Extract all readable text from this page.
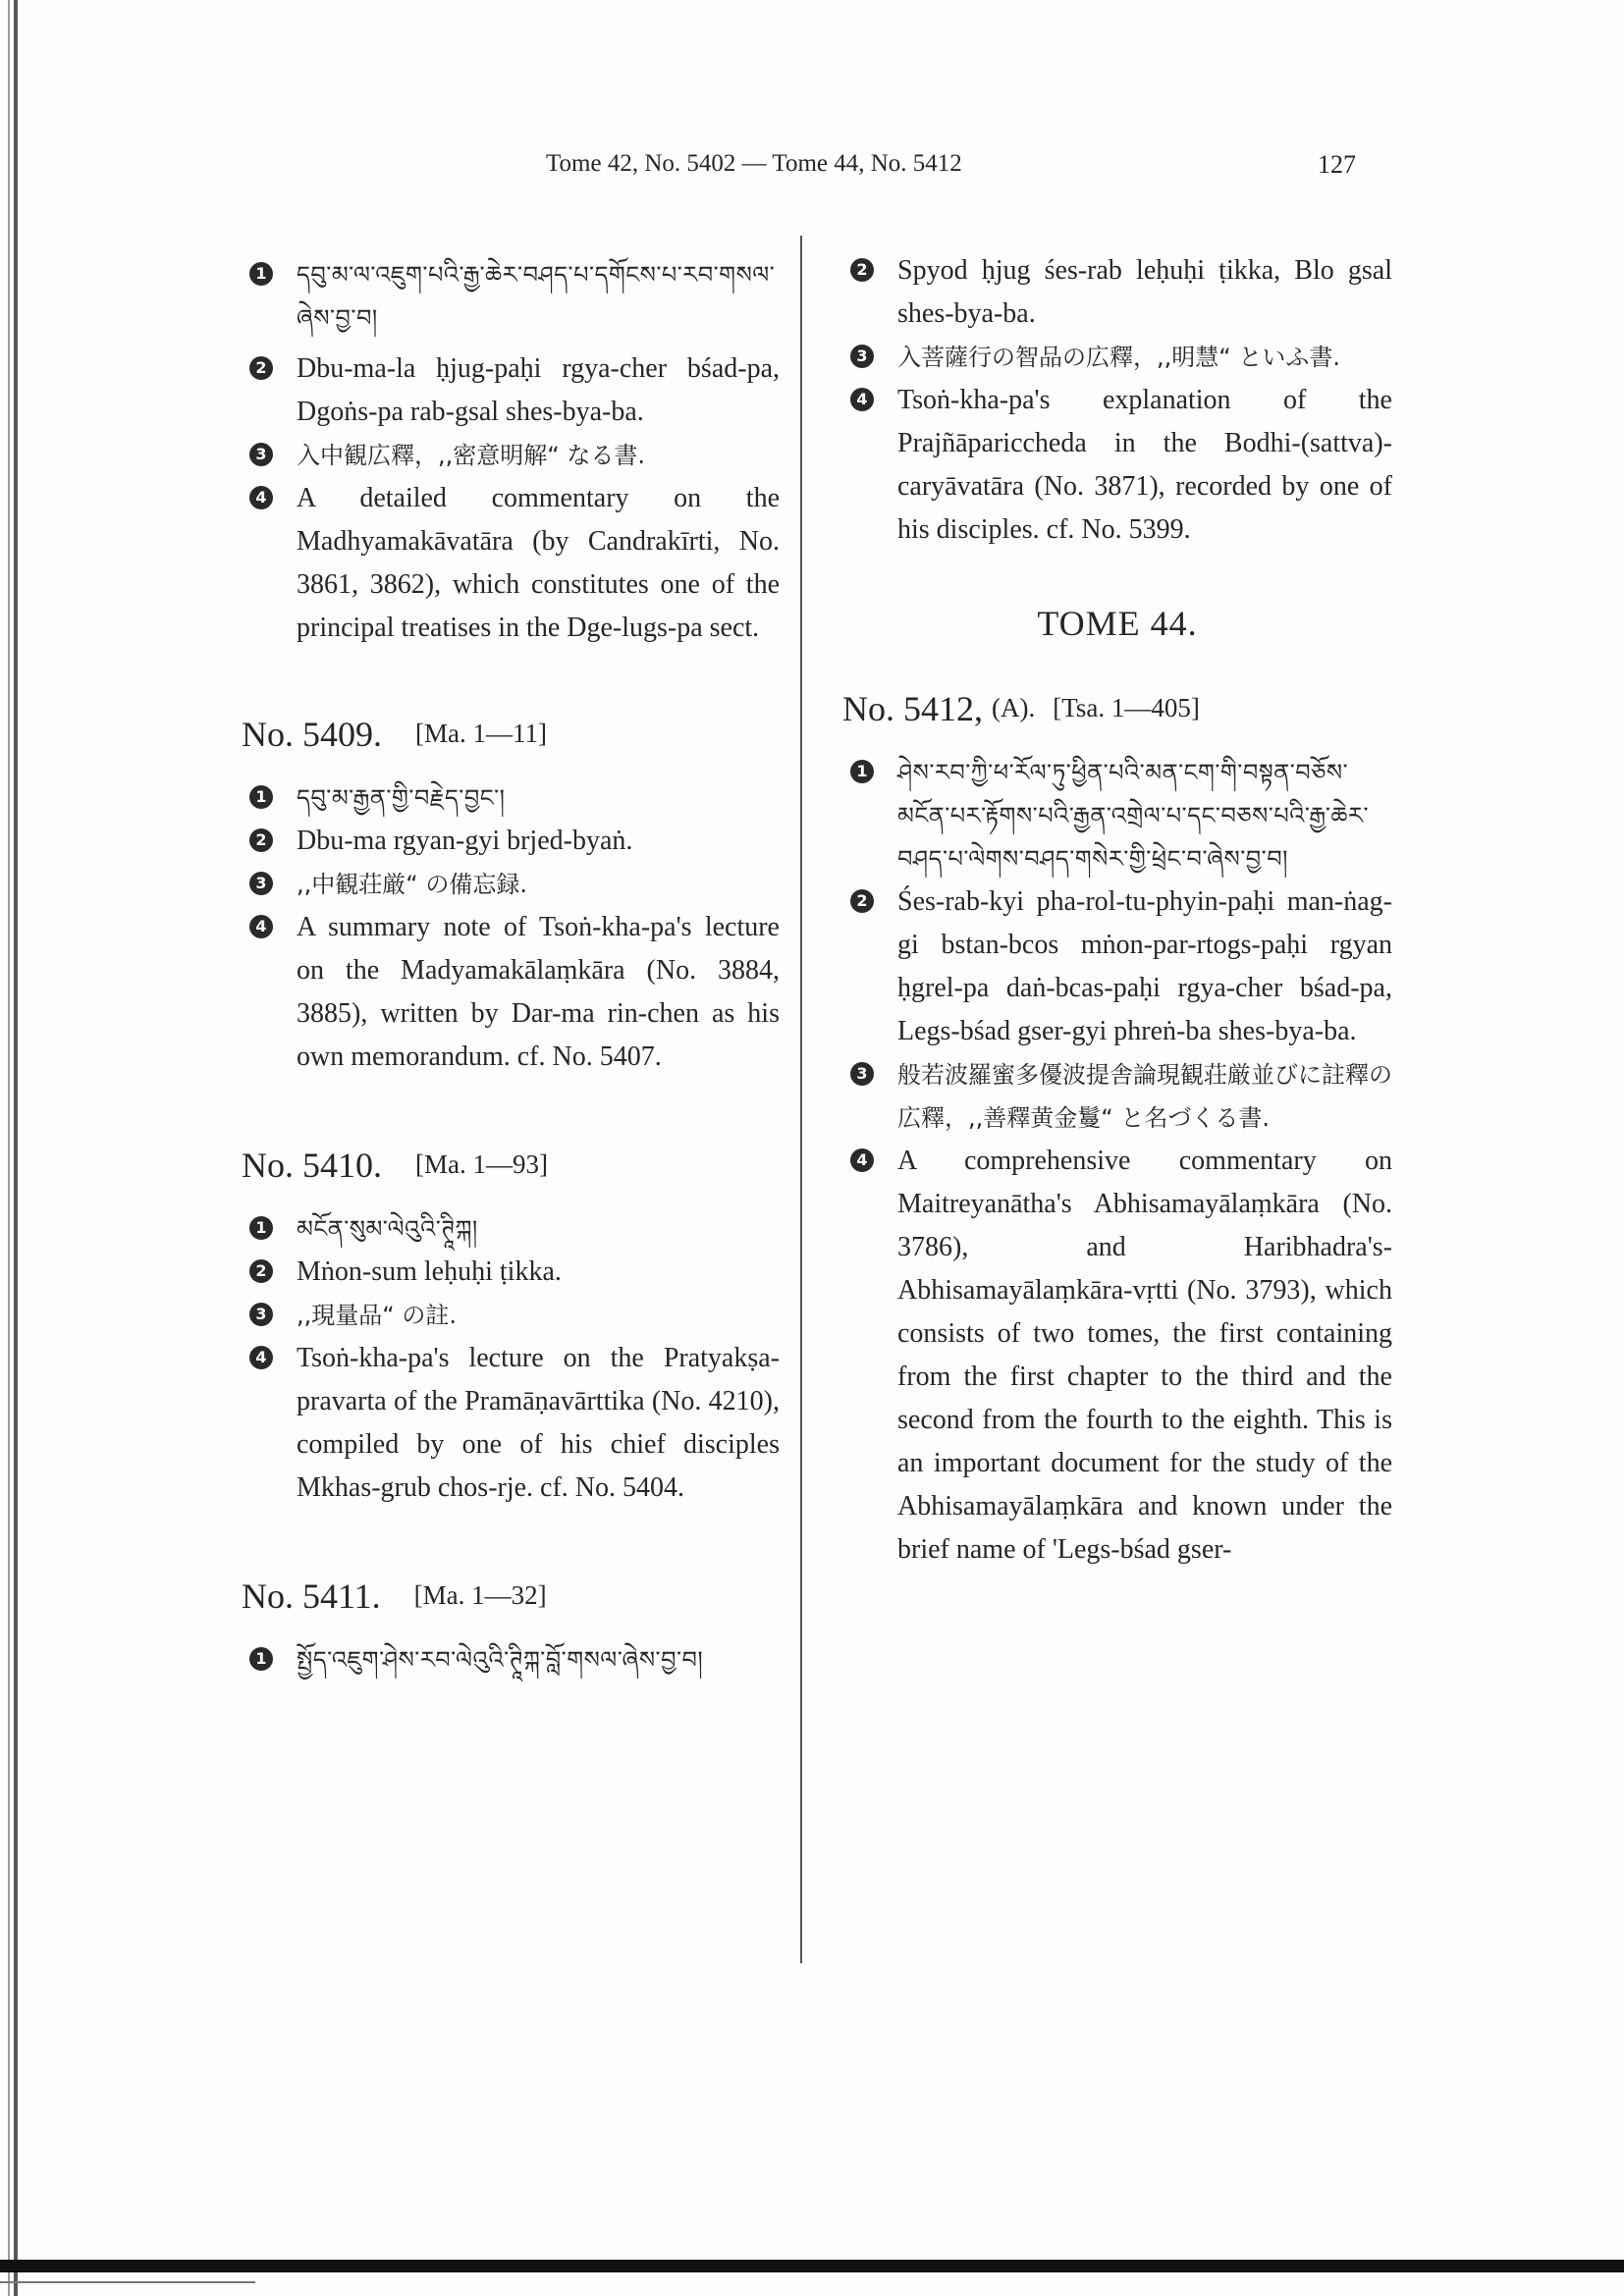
Tome 42, No. 5402 — Tome 44, No. 5412	127
1 དབུ་མ་ལ་འཇུག་པའི་རྒྱ་ཆེར་བཤད་པ་དགོངས་པ་རབ་གསལ་ཞེས་བྱ་བ།
2 Dbu-ma-la ḥjug-paḥi rgya-cher bśad-pa, Dgoṅs-pa rab-gsal shes-bya-ba.
3 入中観広釋，,,密意明解“ なる書.
4 A detailed commentary on the Madhyamakāvatāra (by Candrakīrti, No. 3861, 3862), which constitutes one of the principal treatises in the Dge-lugs-pa sect.
No. 5409. [Ma. 1—11]
1 དབུ་མ་རྒྱན་གྱི་བརྗེད་བྱང་།
2 Dbu-ma rgyan-gyi brjed-byaṅ.
3 ,,中観荘厳“ の備忘録.
4 A summary note of Tsoṅ-kha-pa's lecture on the Madyamakālaṃkāra (No. 3884, 3885), written by Dar-ma rin-chen as his own memorandum. cf. No. 5407.
No. 5410. [Ma. 1—93]
1 མངོན་སུམ་ལེའུའི་ཊཱིཀྐ།
2 Mṅon-sum leḥuḥi ṭikka.
3 ,,現量品“ の註.
4 Tsoṅ-kha-pa's lecture on the Pratyakṣa-pravarta of the Pramāṇavārttika (No. 4210), compiled by one of his chief disciples Mkhas-grub chos-rje. cf. No. 5404.
No. 5411. [Ma. 1—32]
1 སྤྱོད་འཇུག་ཤེས་རབ་ལེའུའི་ཊཱིཀྐ་བློ་གསལ་ཞེས་བྱ་བ།
2 Spyod ḥjug śes-rab leḥuḥi ṭikka, Blo gsal shes-bya-ba.
3 入菩薩行の智品の広釋，,,明慧“ といふ書.
4 Tsoṅ-kha-pa's explanation of the Prajñāpariccheda in the Bodhi-(sattva)-caryāvatāra (No. 3871), recorded by one of his disciples. cf. No. 5399.
TOME 44.
No. 5412, (A). [Tsa. 1—405]
1 ཤེས་རབ་ཀྱི་ཕ་རོལ་ཏུ་ཕྱིན་པའི་མན་ངག་གི་བསྟན་བཅོས་མངོན་པར་རྟོགས་པའི་རྒྱན་འགྲེལ་པ་དང་བཅས་པའི་རྒྱ་ཆེར་བཤད་པ་ལེགས་བཤད་གསེར་གྱི་ཕྲེང་བ་ཞེས་བྱ་བ།
2 Śes-rab-kyi pha-rol-tu-phyin-paḥi man-ṅag-gi bstan-bcos mṅon-par-rtogs-paḥi rgyan ḥgrel-pa daṅ-bcas-paḥi rgya-cher bśad-pa, Legs-bśad gser-gyi phreṅ-ba shes-bya-ba.
3 般若波羅蜜多優波提舎論現観荘厳並びに註釋の広釋，,,善釋黄金鬘“ と名づくる書.
4 A comprehensive commentary on Maitreyanātha's Abhisamayālaṃkāra (No. 3786), and Haribhadra's-Abhisamayālaṃkāra-vṛtti (No. 3793), which consists of two tomes, the first containing from the first chapter to the third and the second from the fourth to the eighth. This is an important document for the study of the Abhisamayālaṃkāra and known under the brief name of 'Legs-bśad gser-
